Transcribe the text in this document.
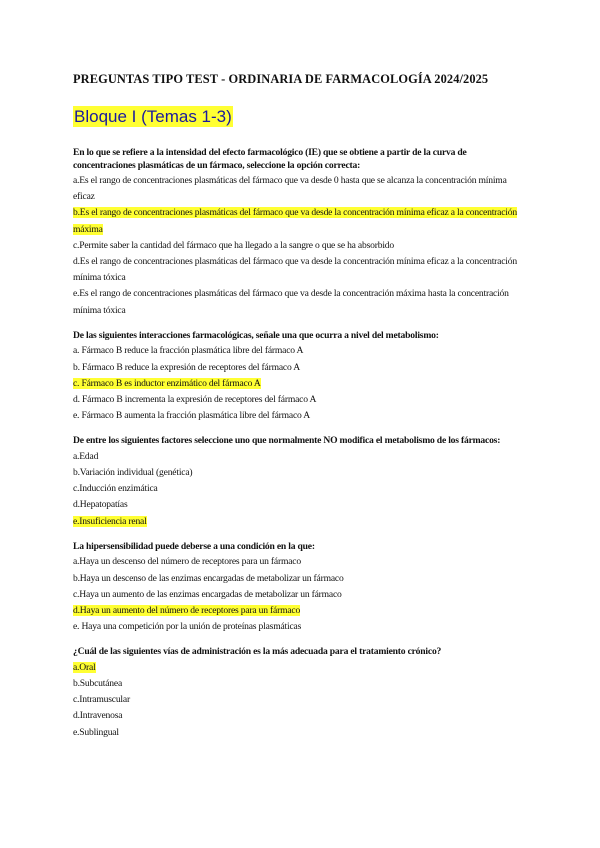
PREGUNTAS TIPO TEST - ORDINARIA DE FARMACOLOGÍA 2024/2025
Bloque I (Temas 1-3)

En lo que se refiere a la intensidad del efecto farmacológico (IE) que se obtiene a partir de la curva de concentraciones plasmáticas de un fármaco, seleccione la opción correcta:

a.Es el rango de concentraciones plasmáticas del fármaco que va desde 0 hasta que se alcanza la concentración mínima eficaz

b.Es el rango de concentraciones plasmáticas del fármaco que va desde la concentración mínima eficaz a la concentración máxima

c.Permite saber la cantidad del fármaco que ha llegado a la sangre o que se ha absorbido

d.Es el rango de concentraciones plasmáticas del fármaco que va desde la concentración mínima eficaz a la concentración mínima tóxica

e.Es el rango de concentraciones plasmáticas del fármaco que va desde la concentración máxima hasta la concentración mínima tóxica

De las siguientes interacciones farmacológicas, señale una que ocurra a nivel del metabolismo:

a. Fármaco B reduce la fracción plasmática libre del fármaco A

b. Fármaco B reduce la expresión de receptores del fármaco A

c. Fármaco B es inductor enzimático del fármaco A

d. Fármaco B incrementa la expresión de receptores del fármaco A

e. Fármaco B aumenta la fracción plasmática libre del fármaco A

De entre los siguientes factores seleccione uno que normalmente NO modifica el metabolismo de los fármacos:

a.Edad

b.Variación individual (genética)

c.Inducción enzimática

d.Hepatopatías

e.Insuficiencia renal

La hipersensibilidad puede deberse a una condición en la que:

a.Haya un descenso del número de receptores para un fármaco

b.Haya un descenso de las enzimas encargadas de metabolizar un fármaco

c.Haya un aumento de las enzimas encargadas de metabolizar un fármaco

d.Haya un aumento del número de receptores para un fármaco

e. Haya una competición por la unión de proteínas plasmáticas

¿Cuál de las siguientes vías de administración es la más adecuada para el tratamiento crónico?

a.Oral

b.Subcutánea

c.Intramuscular

d.Intravenosa

e.Sublingual
